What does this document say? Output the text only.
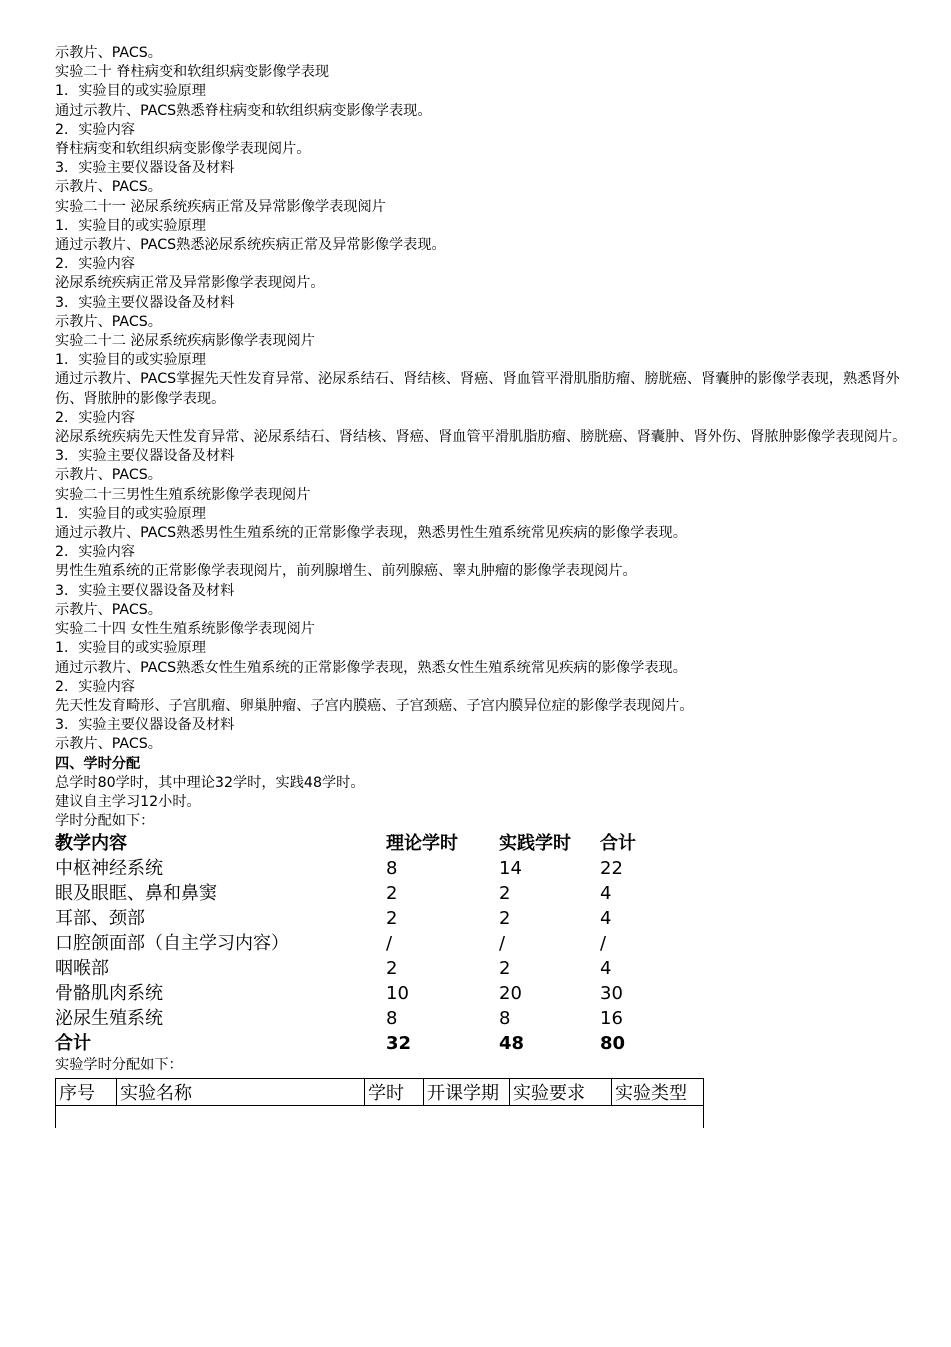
示教片、PACS。
实验二十 脊柱病变和软组织病变影像学表现
1．实验目的或实验原理
通过示教片、PACS熟悉脊柱病变和软组织病变影像学表现。
2．实验内容
脊柱病变和软组织病变影像学表现阅片。
3．实验主要仪器设备及材料
示教片、PACS。
实验二十一 泌尿系统疾病正常及异常影像学表现阅片
1．实验目的或实验原理
通过示教片、PACS熟悉泌尿系统疾病正常及异常影像学表现。
2．实验内容
泌尿系统疾病正常及异常影像学表现阅片。
3．实验主要仪器设备及材料
示教片、PACS。
实验二十二 泌尿系统疾病影像学表现阅片
1．实验目的或实验原理
通过示教片、PACS掌握先天性发育异常、泌尿系结石、肾结核、肾癌、肾血管平滑肌脂肪瘤、膀胱癌、肾囊肿的影像学表现，熟悉肾外伤、肾脓肿的影像学表现。
2．实验内容
泌尿系统疾病先天性发育异常、泌尿系结石、肾结核、肾癌、肾血管平滑肌脂肪瘤、膀胱癌、肾囊肿、肾外伤、肾脓肿影像学表现阅片。
3．实验主要仪器设备及材料
示教片、PACS。
实验二十三男性生殖系统影像学表现阅片
1．实验目的或实验原理
通过示教片、PACS熟悉男性生殖系统的正常影像学表现，熟悉男性生殖系统常见疾病的影像学表现。
2．实验内容
男性生殖系统的正常影像学表现阅片，前列腺增生、前列腺癌、睾丸肿瘤的影像学表现阅片。
3．实验主要仪器设备及材料
示教片、PACS。
实验二十四 女性生殖系统影像学表现阅片
1．实验目的或实验原理
通过示教片、PACS熟悉女性生殖系统的正常影像学表现，熟悉女性生殖系统常见疾病的影像学表现。
2．实验内容
先天性发育畸形、子宫肌瘤、卵巢肿瘤、子宫内膜癌、子宫颈癌、子宫内膜异位症的影像学表现阅片。
3．实验主要仪器设备及材料
示教片、PACS。
四、学时分配
总学时80学时，其中理论32学时，实践48学时。
建议自主学习12小时。
学时分配如下：
教学内容	理论学时	实践学时	合计
中枢神经系统	8	14	22
眼及眼眶、鼻和鼻窦	2	2	4
耳部、颈部	2	2	4
口腔颌面部（自主学习内容）	/	/	/
咽喉部	2	2	4
骨骼肌肉系统	10	20	30
泌尿生殖系统	8	8	16
合计	32	48	80
实验学时分配如下：
序号	实验名称	学时	开课学期	实验要求	实验类型
